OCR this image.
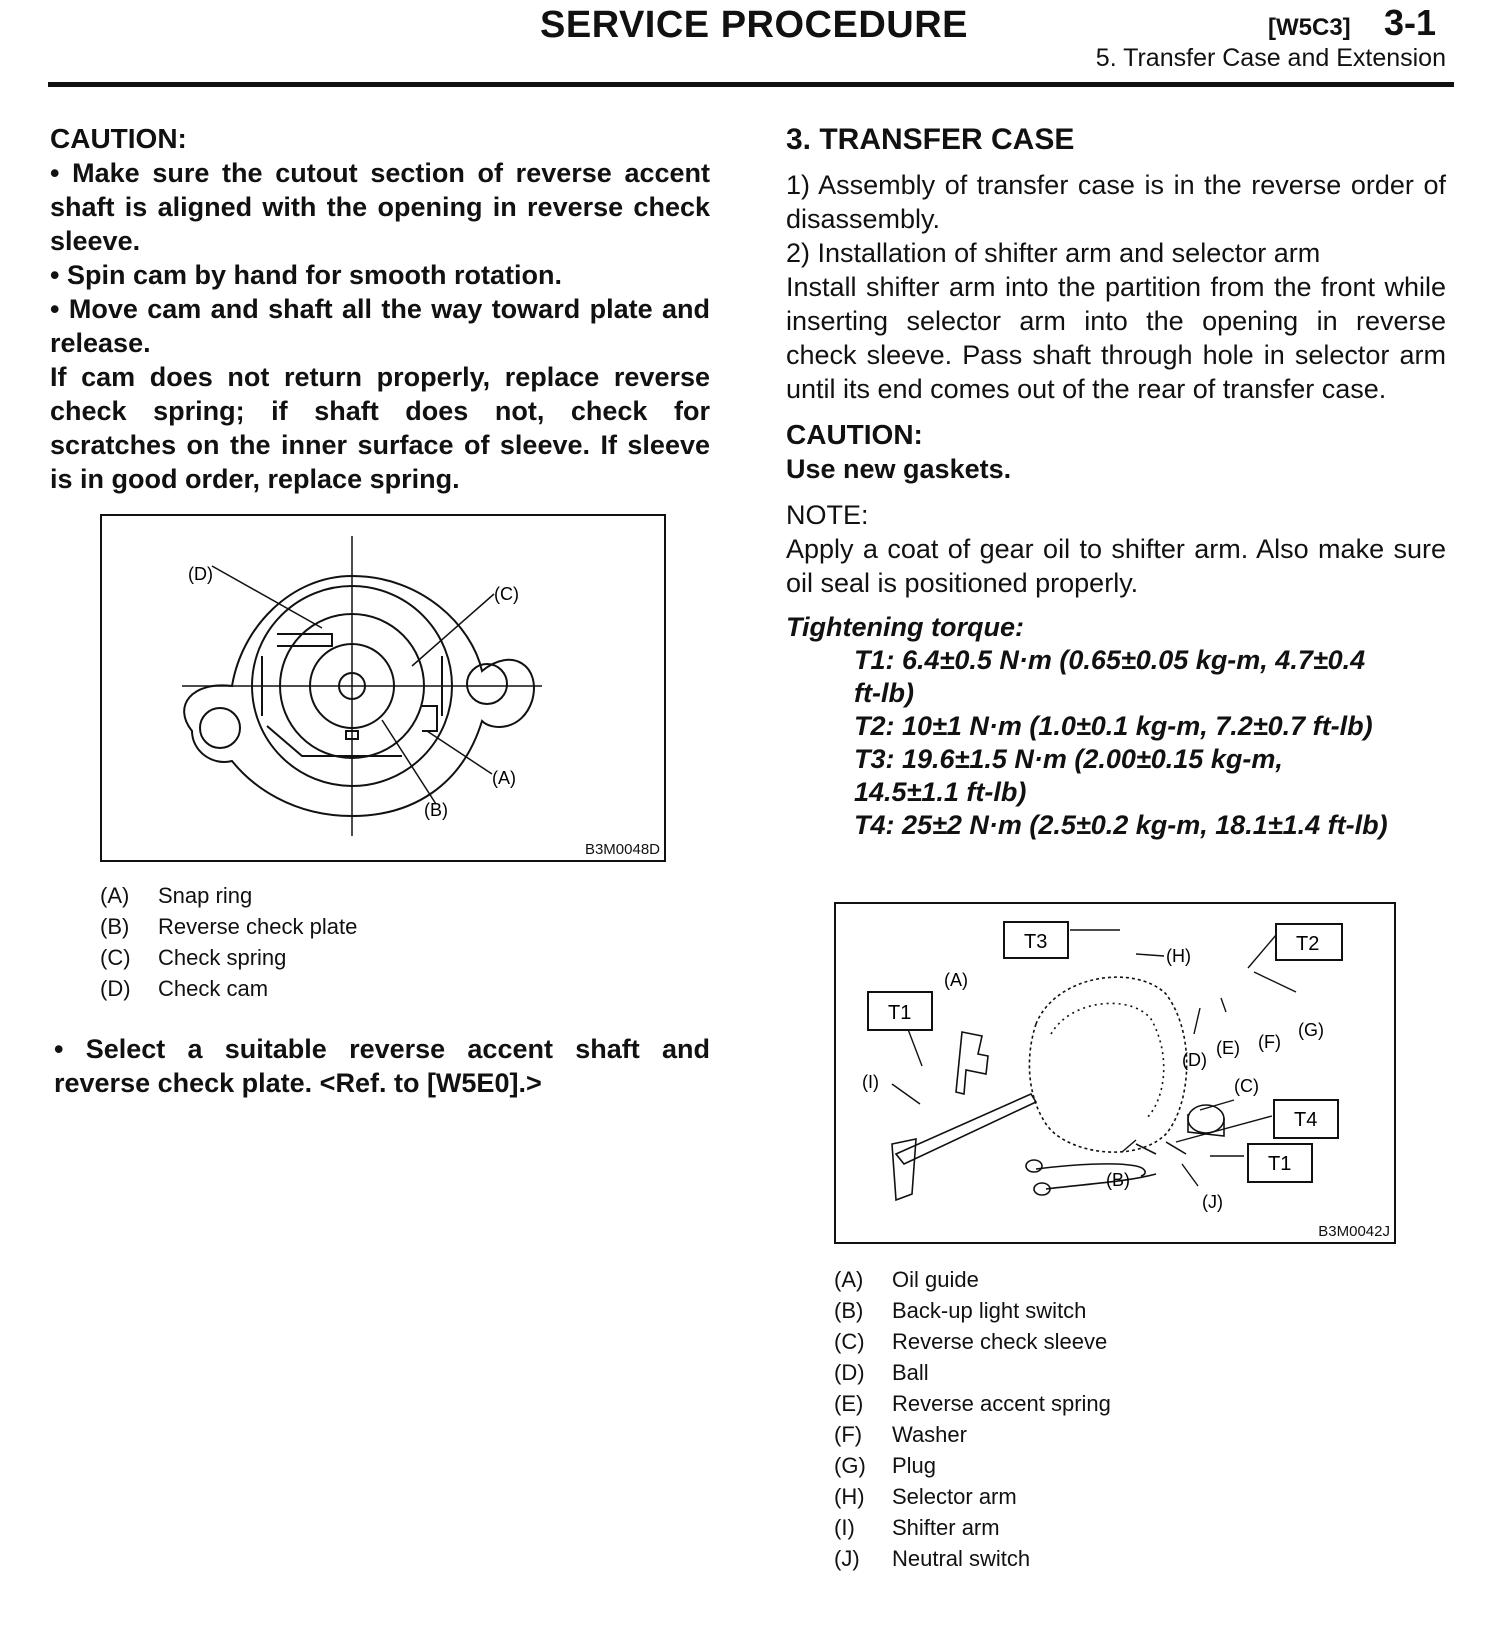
SERVICE PROCEDURE	[W5C3] 3-1
5. Transfer Case and Extension
CAUTION:

• Make sure the cutout section of reverse accent shaft is aligned with the opening in reverse check sleeve.

• Spin cam by hand for smooth rotation.

• Move cam and shaft all the way toward plate and release.

If cam does not return properly, replace reverse check spring; if shaft does not, check for scratches on the inner surface of sleeve. If sleeve is in good order, replace spring.

(D)
(C)
(A)
(B)
B3M0048D
(A)	Snap ring
(B)	Reverse check plate
(C)	Check spring
(D)	Check cam

• Select a suitable reverse accent shaft and reverse check plate. <Ref. to [W5E0].>

3. TRANSFER CASE

1) Assembly of transfer case is in the reverse order of disassembly.

2) Installation of shifter arm and selector arm

Install shifter arm into the partition from the front while inserting selector arm into the opening in reverse check sleeve. Pass shaft through hole in selector arm until its end comes out of the rear of transfer case.

CAUTION:
Use new gaskets.
NOTE:

Apply a coat of gear oil to shifter arm. Also make sure oil seal is positioned properly.

Tightening torque:
T1: 6.4±0.5 N·m (0.65±0.05 kg-m, 4.7±0.4
ft-lb)
T2: 10±1 N·m (1.0±0.1 kg-m, 7.2±0.7 ft-lb)
T3: 19.6±1.5 N·m (2.00±0.15 kg-m,
14.5±1.1 ft-lb)
T4: 25±2 N·m (2.5±0.2 kg-m, 18.1±1.4 ft-lb)
T3	T2
T1
T4
T1
(A)
(B)
(C)
(D)
(E) (F)
(G)
(H)
(I)
(J)
B3M0042J
(A)	Oil guide
(B)	Back-up light switch
(C)	Reverse check sleeve
(D)	Ball
(E)	Reverse accent spring
(F)	Washer
(G)	Plug
(H)	Selector arm
(I)	Shifter arm
(J)	Neutral switch
